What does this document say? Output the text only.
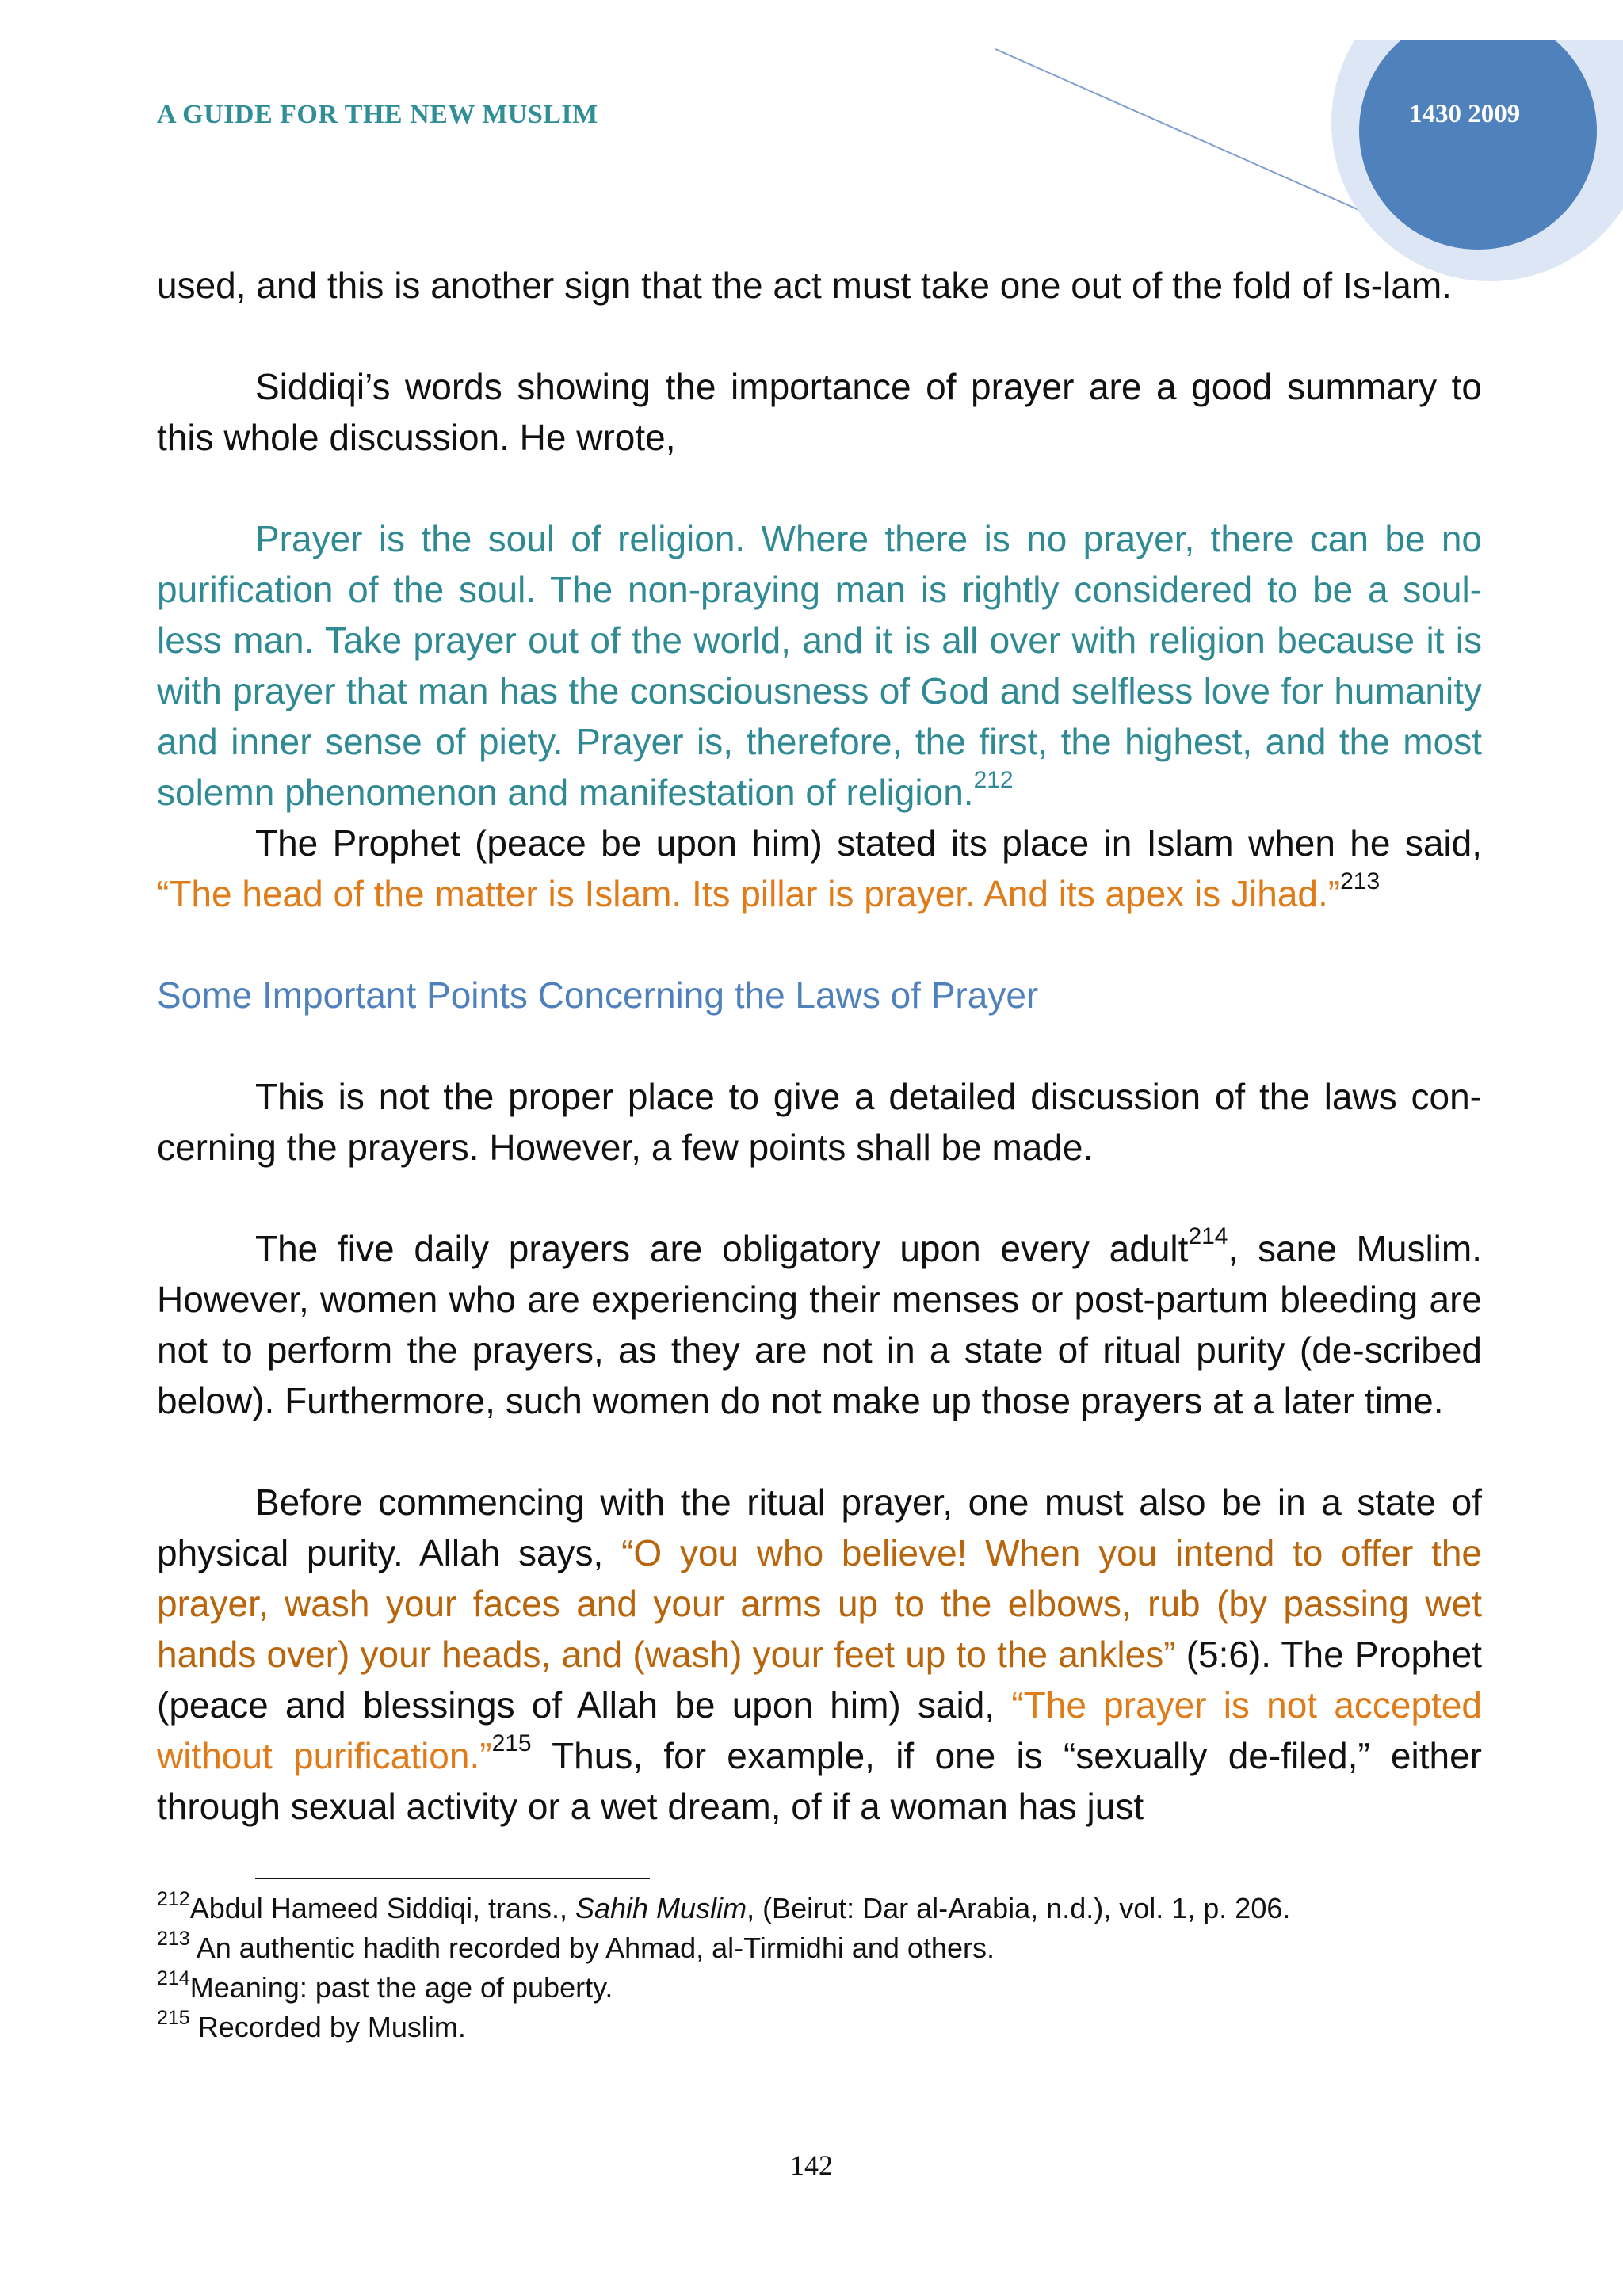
A GUIDE FOR THE NEW MUSLIM	1430 2009

used, and this is another sign that the act must take one out of the fold of Is-lam.

Siddiqi’s words showing the importance of prayer are a good summary to this whole discussion. He wrote,

Prayer is the soul of religion. Where there is no prayer, there can be no purification of the soul. The non-praying man is rightly considered to be a soul-less man. Take prayer out of the world, and it is all over with religion because it is with prayer that man has the consciousness of God and selfless love for humanity and inner sense of piety. Prayer is, therefore, the first, the highest, and the most solemn phenomenon and manifestation of religion.$^{212}$

The Prophet (peace be upon him) stated its place in Islam when he said, “The head of the matter is Islam. Its pillar is prayer. And its apex is Jihad.”$^{213}$

Some Important Points Concerning the Laws of Prayer

This is not the proper place to give a detailed discussion of the laws con-cerning the prayers. However, a few points shall be made.

The five daily prayers are obligatory upon every adult$^{214}$, sane Muslim. However, women who are experiencing their menses or post-partum bleeding are not to perform the prayers, as they are not in a state of ritual purity (de-scribed below). Furthermore, such women do not make up those prayers at a later time.

Before commencing with the ritual prayer, one must also be in a state of physical purity. Allah says, “O you who believe! When you intend to offer the prayer, wash your faces and your arms up to the elbows, rub (by passing wet hands over) your heads, and (wash) your feet up to the ankles” (5:6). The Prophet (peace and blessings of Allah be upon him) said, “The prayer is not accepted without purification.”$^{215}$ Thus, for example, if one is “sexually de-filed,” either through sexual activity or a wet dream, of if a woman has just

$^{212}$Abdul Hameed Siddiqi, trans., Sahih Muslim, (Beirut: Dar al-Arabia, n.d.), vol. 1, p. 206.
$^{213}$ An authentic hadith recorded by Ahmad, al-Tirmidhi and others.
$^{214}$Meaning: past the age of puberty.
$^{215}$ Recorded by Muslim.
142
